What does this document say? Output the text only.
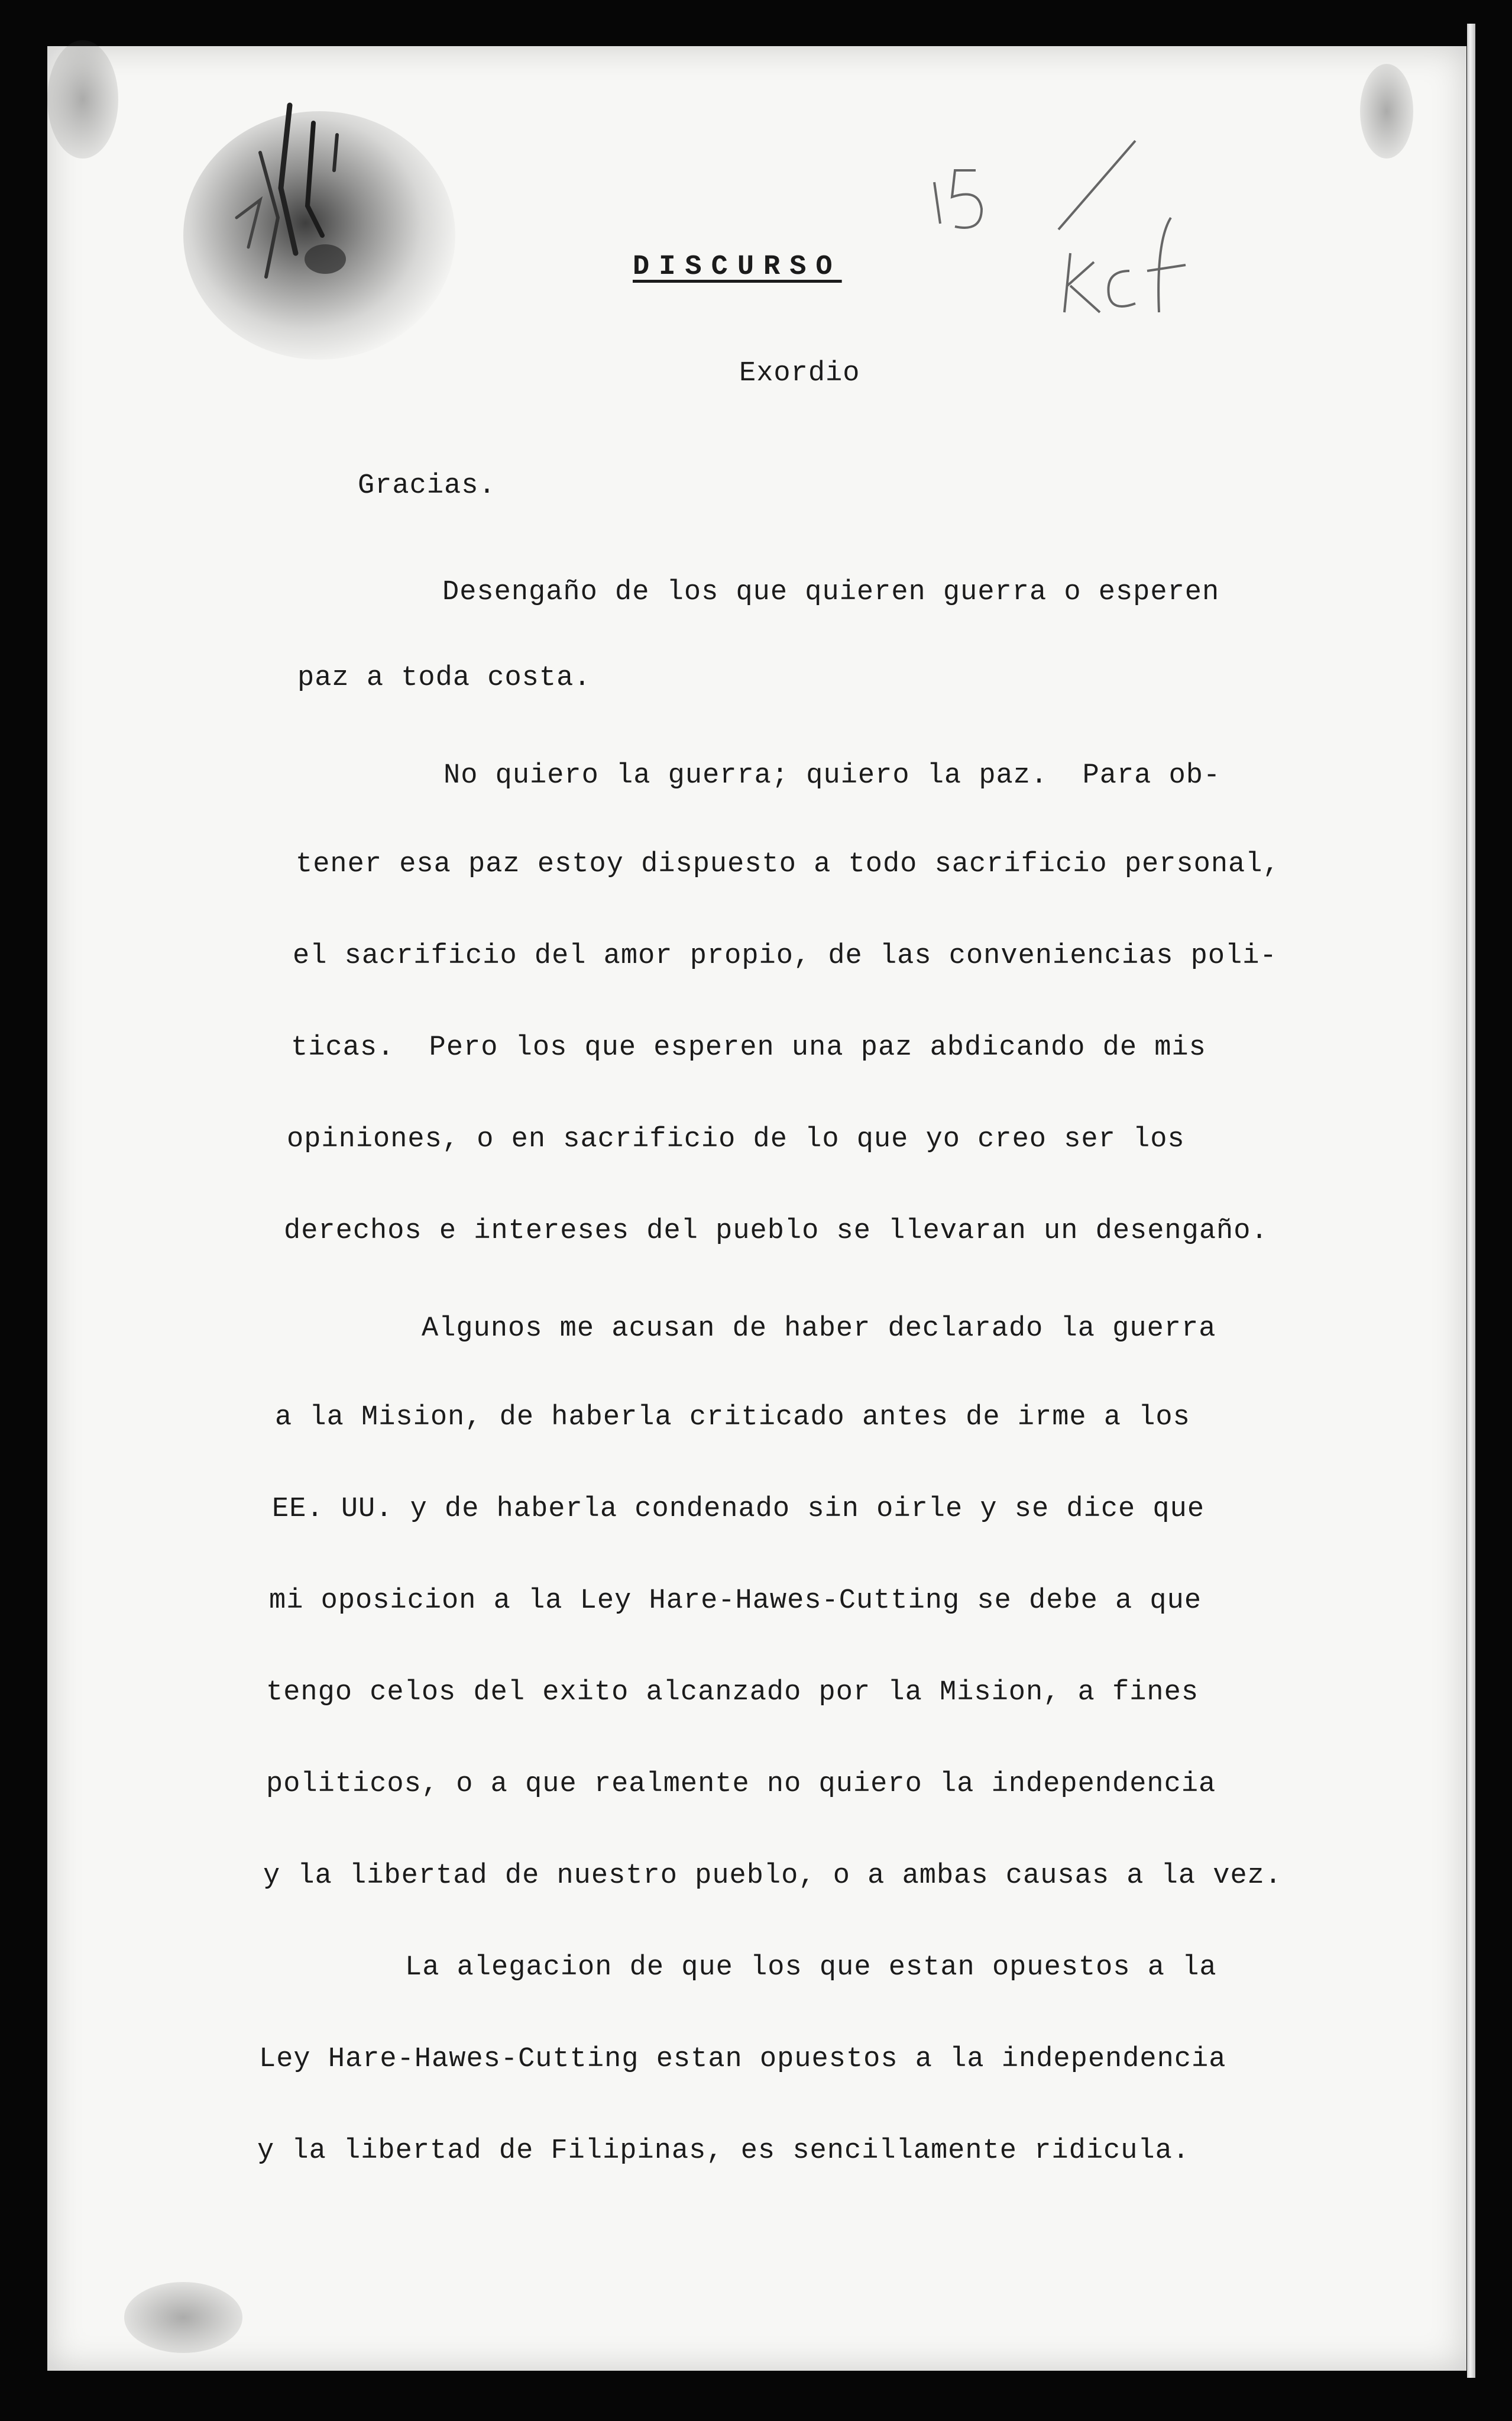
DISCURSO
Exordio
Gracias.
Desengaño de los que quieren guerra o esperen
paz a toda costa.
No quiero la guerra; quiero la paz.  Para ob-
tener esa paz estoy dispuesto a todo sacrificio personal,
el sacrificio del amor propio, de las conveniencias poli-
ticas.  Pero los que esperen una paz abdicando de mis
opiniones, o en sacrificio de lo que yo creo ser los
derechos e intereses del pueblo se llevaran un desengaño.
Algunos me acusan de haber declarado la guerra
a la Mision, de haberla criticado antes de irme a los
EE. UU. y de haberla condenado sin oirle y se dice que
mi oposicion a la Ley Hare-Hawes-Cutting se debe a que
tengo celos del exito alcanzado por la Mision, a fines
politicos, o a que realmente no quiero la independencia
y la libertad de nuestro pueblo, o a ambas causas a la vez.
La alegacion de que los que estan opuestos a la
Ley Hare-Hawes-Cutting estan opuestos a la independencia
y la libertad de Filipinas, es sencillamente ridicula.
